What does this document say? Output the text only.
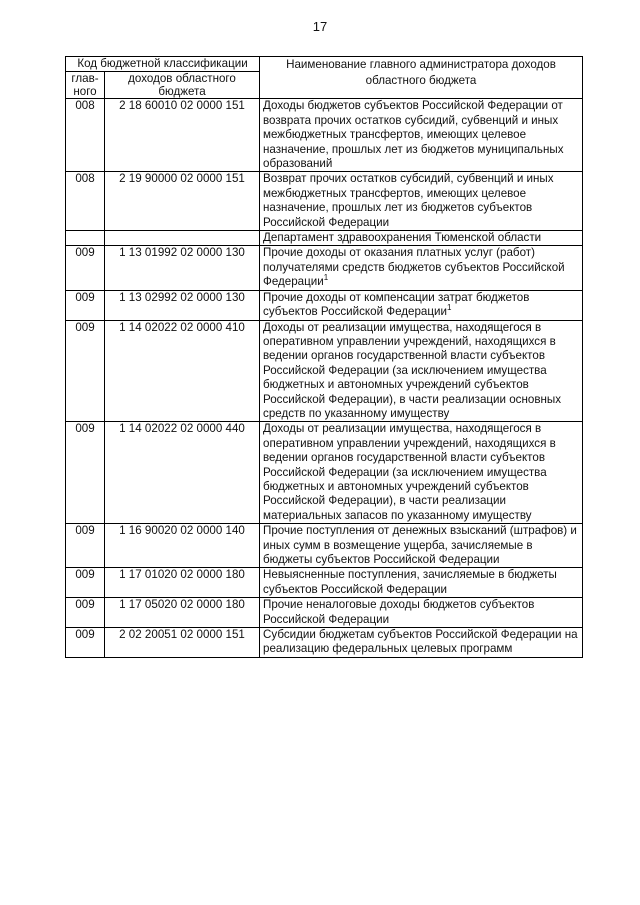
17
Код бюджетной классификации		Наименование главного администратора доходов областного бюджета
глав-ного	доходов областного бюджета	
008	2 18 60010 02 0000 151	Доходы бюджетов субъектов Российской Федерации от возврата прочих остатков субсидий, субвенций и иных межбюджетных трансфертов, имеющих целевое назначение, прошлых лет из бюджетов муниципальных образований
008	2 19 90000 02 0000 151	Возврат прочих остатков субсидий, субвенций и иных межбюджетных трансфертов, имеющих целевое назначение, прошлых лет из бюджетов субъектов Российской Федерации
		Департамент здравоохранения Тюменской области
009	1 13 01992 02 0000 130	Прочие доходы от оказания платных услуг (работ) получателями средств бюджетов субъектов Российской Федерации$^1$
009	1 13 02992 02 0000 130	Прочие доходы от компенсации затрат бюджетов субъектов Российской Федерации$^1$
009	1 14 02022 02 0000 410	Доходы от реализации имущества, находящегося в оперативном управлении учреждений, находящихся в ведении органов государственной власти субъектов Российской Федерации (за исключением имущества бюджетных и автономных учреждений субъектов Российской Федерации), в части реализации основных средств по указанному имуществу
009	1 14 02022 02 0000 440	Доходы от реализации имущества, находящегося в оперативном управлении учреждений, находящихся в ведении органов государственной власти субъектов Российской Федерации (за исключением имущества бюджетных и автономных учреждений субъектов Российской Федерации), в части реализации материальных запасов по указанному имуществу
009	1 16 90020 02 0000 140	Прочие поступления от денежных взысканий (штрафов) и иных сумм в возмещение ущерба, зачисляемые в бюджеты субъектов Российской Федерации
009	1 17 01020 02 0000 180	Невыясненные поступления, зачисляемые в бюджеты субъектов Российской Федерации
009	1 17 05020 02 0000 180	Прочие неналоговые доходы бюджетов субъектов Российской Федерации
009	2 02 20051 02 0000 151	Субсидии бюджетам субъектов Российской Федерации на реализацию федеральных целевых программ
